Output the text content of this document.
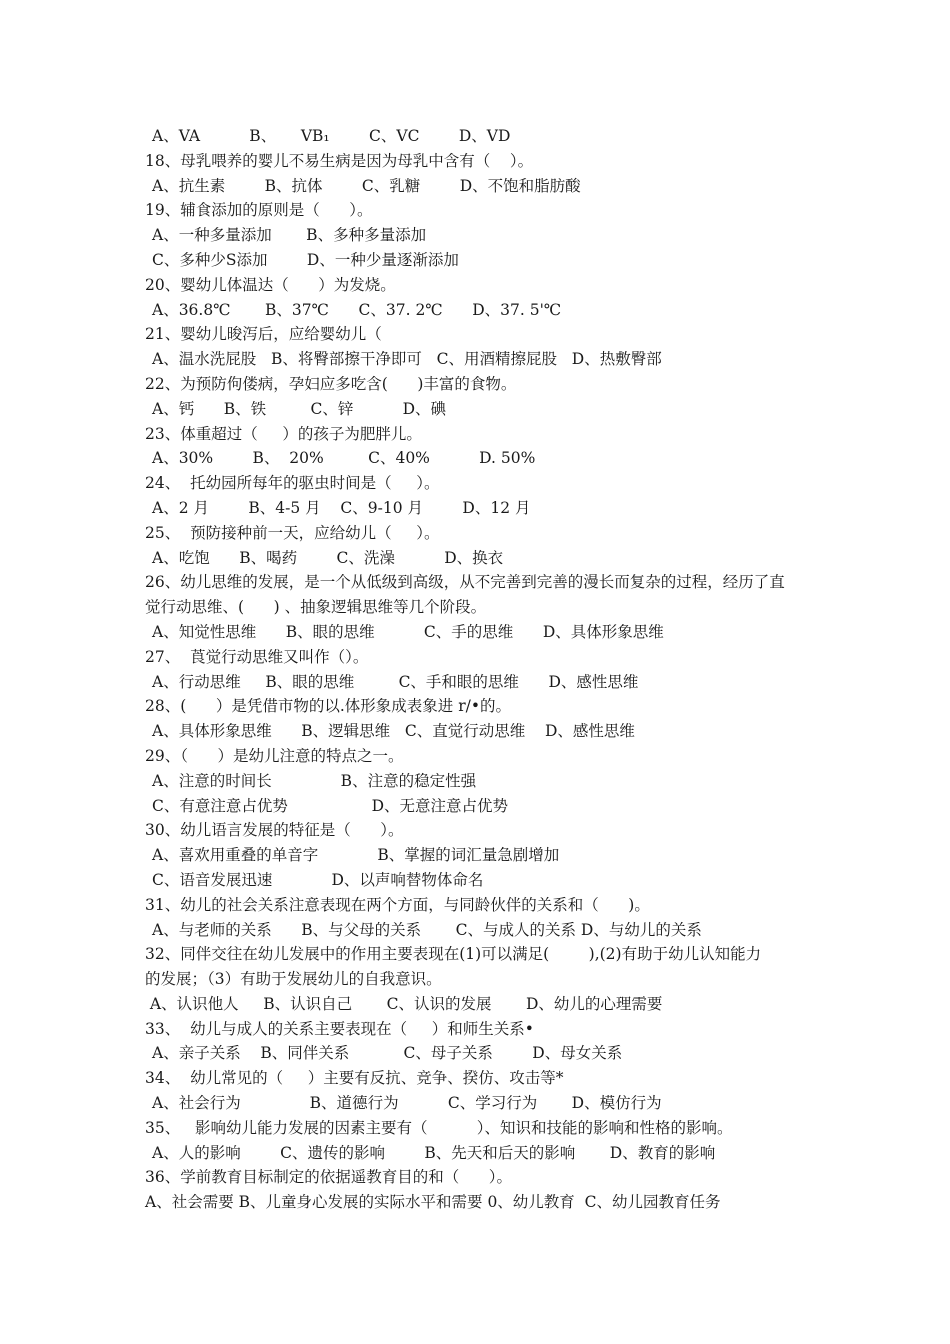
A、VA          B、     VB₁        C、VC        D、VD
18、母乳喂养的婴儿不易生病是因为母乳中含有（    ）。
A、抗生素        B、抗体        C、乳糖        D、不饱和脂肪酸
19、辅食添加的原则是（      ）。
A、一种多量添加       B、多种多量添加
C、多种少S添加        D、一种少量逐渐添加
20、婴幼儿体温达（      ）为发烧。
A、36.8℃       B、37℃      C、37. 2℃      D、37. 5'℃
21、婴幼儿晙泻后，应给婴幼儿（
A、温水洗屁股   B、将臀部擦干净即可   C、用酒精擦屁股   D、热敷臀部
22、为预防佝偻病，孕妇应多吃含(      )丰富的食物。
A、钙      B、铁         C、锌          D、碘
23、体重超过（     ）的孩子为肥胖儿。
A、30%        B、  20%         C、40%          D. 50%
24、  托幼园所每年的驱虫时间是（     ）。
A、2 月        B、4-5 月    C、9-10 月        D、12 月
25、  预防接种前一天，应给幼儿（     ）。
A、吃饱      B、喝药        C、洗澡          D、换衣
26、幼儿思维的发展，是一个从低级到高级，从不完善到完善的漫长而复杂的过程，经历了直
觉行动思维、(      ) 、抽象逻辑思维等几个阶段。
A、知觉性思维      B、眼的思维          C、手的思维      D、具体形象思维
27、  莨觉行动思维又叫作（）。
A、行动思维     B、眼的思维         C、手和眼的思维      D、感性思维
28、(      ）是凭借市物的以.体形象成表象进 r/•的。
A、具体形象思维      B、逻辑思维   C、直觉行动思维    D、感性思维
29、（      ）是幼儿注意的特点之一。
A、注意的时间长              B、注意的稳定性强
C、有意注意占优势                 D、无意注意占优势
30、幼儿语言发展的特征是（      ）。
A、喜欢用重叠的单音字            B、掌握的词汇量急剧增加
C、语音发展迅速            D、以声响替物体命名
31、幼儿的社会关系注意表现在两个方面，与同龄伙伴的关系和（      )。
A、与老师的关系      B、与父母的关系       C、与成人的关系 D、与幼儿的关系
32、同伴交往在幼儿发展中的作用主要表现在(1)可以满足(        ),(2)有助于幼儿认知能力
的发展；（3）有助于发展幼儿的自我意识。
A、认识他人     B、认识自己       C、认识的发展       D、幼儿的心理需要
33、  幼儿与成人的关系主要表现在（     ）和师生关系•
A、亲子关系    B、同伴关系           C、母子关系        D、母女关系
34、  幼儿常见的（     ）主要有反抗、竞争、揆仿、攻击等*
A、社会行为              B、道德行为          C、学习行为       D、模仿行为
35、   影响幼儿能力发展的因素主要有（          ）、知识和技能的影响和性格的影响。
A、人的影响        C、遗传的影响        B、先天和后天的影响       D、教育的影响
36、学前教育目标制定的依据遥教育目的和（      ）。
A、社会需要 B、儿童身心发展的实际水平和需要 0、幼儿教育  C、幼儿园教育任务
